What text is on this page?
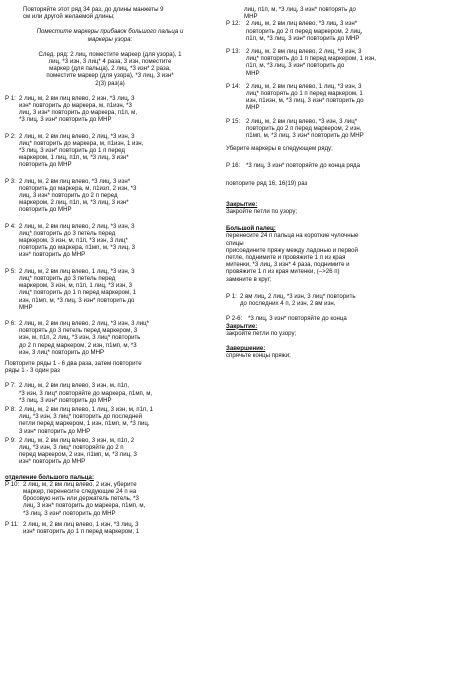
Повторяйте этот ряд 34 раз, до длины манжеты 9
см или другой желаемой длины;
Поместите маркеры прибавок большого пальца и
маркеры узора:
След. ряд: 2 лиц, поместите маркер (для узора), 1
лиц, *3 изн, 3 лиц* 4 раза, 3 изн, поместите
маркер (для пальца), 2 лиц, *3 изн* 2 раза,
поместите маркер (для узора), *3 лиц, 3 изн*
2(3) раз(а)
Р 1: 2 лиц, м, 2 вм лиц влево, 2 изн, *3 лиц, 3
изн* повторить до маркера, м, п1изн, *3
лиц, 3 изн* повторить до маркера, п1п, м,
*3 лиц, 3 изн* повторить до МНР
Р 2: 2 лиц, м, 2 вм лиц влево, 2 лиц, *3 изн, 3
лиц* повторить до маркера, м, п1изн, 1 изн,
*3 лиц, 3 изн* повторить до 1 п перед
маркером, 1 лиц, п1п, м, *3 лиц, 3 изн*
повторить до МНР
Р 3: 2 лиц, м, 2 вм лиц влево, *3 лиц, 3 изн*
повторить до маркера, м, п1изл, 2 изн, *3
лиц, 3 изн* повторить до 2 п перед
маркером, 2 лиц, п1п, м, *3 лиц, 3 изн*
повторить до МНР
Р 4: 2 лиц, м, 2 вм лиц влево, 2 лиц, *3 изн, 3
лиц* повторить до 3 петель перед
маркером, 3 изн, м, п1п, *3 изн, 3 лиц*
повторить до маркера, п1мп, м, *3 лиц, 3
изн* повторить до МНР
Р 5: 2 лиц, м, 2 вм лиц влево, 1 лиц, *3 изн, 3
лиц* повторить до 3 петель перед
маркером, 3 изн, м, п1п, 1 лиц, *3 изн, 3
лиц* повторить до 1 п перед маркером, 1
изн, п1мп, м, *3 лиц, 3 изн* повторить до
МНР
Р 6: 2 лиц, м, 2 вм лиц влево, 2 лиц, *3 изн, 3 лиц*
повторять до 3 петель перед маркером, 3
изн, м, п1п, 2 лиц, *3 изн, 3 лиц* повторить
до 2 п перед маркером, 2 изн, п1мп, м, *3
изн, 3 лиц* повторить до МНР
Повторите ряды 1 - 6 два раза, затем повторите
ряды 1 - 3 один раз
Р 7: 2 лиц, м, 2 вм лиц влево, 3 изн, м, п1п,
*3 изн, 3 лиц* повторяйте до маркера, п1мп, м,
*3 лиц, 3 изн* повторить до МНР
Р 8: 2 лиц, м, 2 вм лиц влево, 1 лиц, 3 изн, м, п1п, 1
лиц, *3 изн, 3 лиц* повторить до последней
петли перед маркером, 1 изн, п1мп, м, *3 лиц,
3 изн* повторить до МНР
Р 9: 2 лиц, м, 2 вм лиц влево, 3 изн, м, п1п, 2
лиц, *3 изн, 3 лиц* повторяйте до 2 п
перед маркером, 2 изн, п1мп, м, *3 лиц, 3
изн* повторить до МНР
отделение большого пальца:
Р 10: 2 лиц, м, 2 вм лиц влево, 2 изн, уберите
маркер, перенесите следующие 24 п на
бросовую нить или держатель петель, *3
лиц, 3 изн* повторить до маркера, п1мп, м,
*3 лиц, 3 изн* повторить до МНР
Р 11: 2 лиц, м, 2 вм лиц влево, 1 изн, *3 лиц, 3
изн* повторить до 1 п перед маркером, 1
лиц, п1п, м, *3 лиц, 3 изн* повторять до
МНР
Р 12: 2 лиц, м, 2 вм лиц влево, *3 лиц, 3 изн*
повторить до 2 п перед маркером, 2 лиц,
п1п, м, *3 лиц, 3 изн* повторить до МНР
Р 13: 2 лиц, м, 2 вм лиц влево, 2 лиц, *3 изн, 3
лиц* повторить до 1 п перед маркером, 1 изн,
п1п, м, *3 лиц, 3 изн* повторить до
МНР
Р 14: 2 лиц, м, 2 вм лиц влево, 1 лиц, *3 изн, 3
лиц* повторять до 1 п перед маркером, 1
изн, п1изн, м, *3 лиц, 3 изн* повторить до
МНР
Р 15: 2 лиц, м, 2 вм лиц влево, *3 изн, 3 лиц*
повторить до 2 п перед маркером, 2 изн,
п1мп, м, *3 лиц, 3 изн* повторить до МНР
Уберите маркеры в следующем ряду;
Р 16: *3 лиц, 3 изн* повторяйте до конца ряда
повторите ряд 16, 16(19) раз
Закрытие:
Закройте петли по узору;
Большой палец:
перенесите 24 п пальца на короткие чулочные
спицы
присоедините пряжу между ладонью и первой
петле, поднимите и провяжите 1 п из края
митенки, *3 лиц, 3 изн* 4 раза, поднимите и
провяжите 1 п из края митенки, (–>26 п)
замкните в круг;
Р 1: 2 вм лиц, 2 лиц, *3 изн, 3 лиц* повторить
до последних 4 п, 2 изн, 2 вм изн,
Р 2-6: *3 лиц, 3 изн* повторяйте до конца
Закрытие:
закройте петли по узору;
Завершение:
спрячьте концы пряжи;
